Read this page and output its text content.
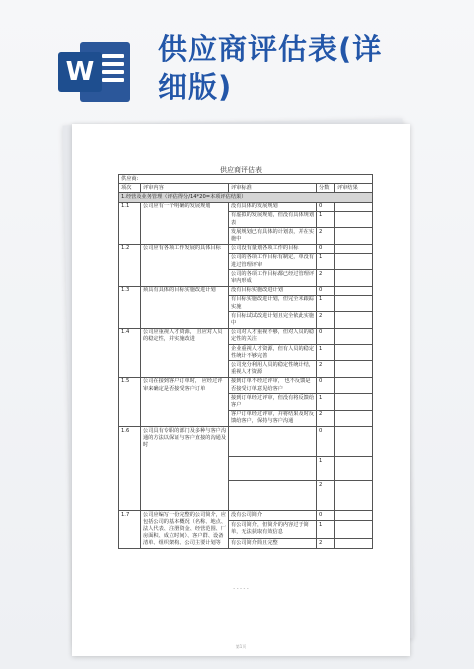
W
供应商评估表(详
细版)
供应商评估表
供应商:				
项次	评审内容	评审标准	分数	评审结果
1.经营及业务管理（评估得分/14*20=本项评估结果）				
1.1	公司应有一个明确的发展规划	没有具体的发展规划	0	
		有虚拟的发展规划，但没有具体规划表	1	
		发展规划已有具体的计划表，并在实施中	2	
1.2	公司应有各项工作发展的具体目标	公司没有量划各项工作的目标	0	
		公司的各项工作目标有制定，单没有进过管理评审	1	
		公司的各项工作目标都已经过管理评审内形成	2	
1.3	须具有具体的目标实施改进计划	没有目标实施改进计划	0	
		有目标实施改进计划，但完全未跟踪实施	1	
		有目标试试改进计划且完全依此实施中	2	
1.4	公司应重视人才资源， 且应对人员的稳定性，并实施改进	公司对人才重视不够，但对人员的稳定性的关注	0	
		企业重视人才资源，但有人员的稳定性统计不够完善	1	
		公司充分利用人员的稳定性统计结，重视人才资源	2	
1.5	公司在接到客户订单时， 应经过评审来确定是否接受客户订单	接到订单不经过评审， 也不反馈是否接受订单意见给客户	0	
		接到订单经过评审，但没有将反馈给客户	1	
		客户订单经过评审，并将结果及时反馈给客户，保持与客户沟通	2	
1.6	公司具有专职的部门及多种与客户沟通的方法以保证与客户直接的沟通及时		0	
			1	
			2	
1.7	公司应编写一份完整的公司简介，应包括公司的基本概况（名称、地点、法人代表、注册资金、经营范围、厂房面积、成立时间）、客户群、设备清单、组织架构、公司主要计划等	没有公司简介	0	
		有公司简介，但简介的内容过于简单，无法获取有效信息	1	
		有公司简介简且完整	2	
- - - - -
第1页
